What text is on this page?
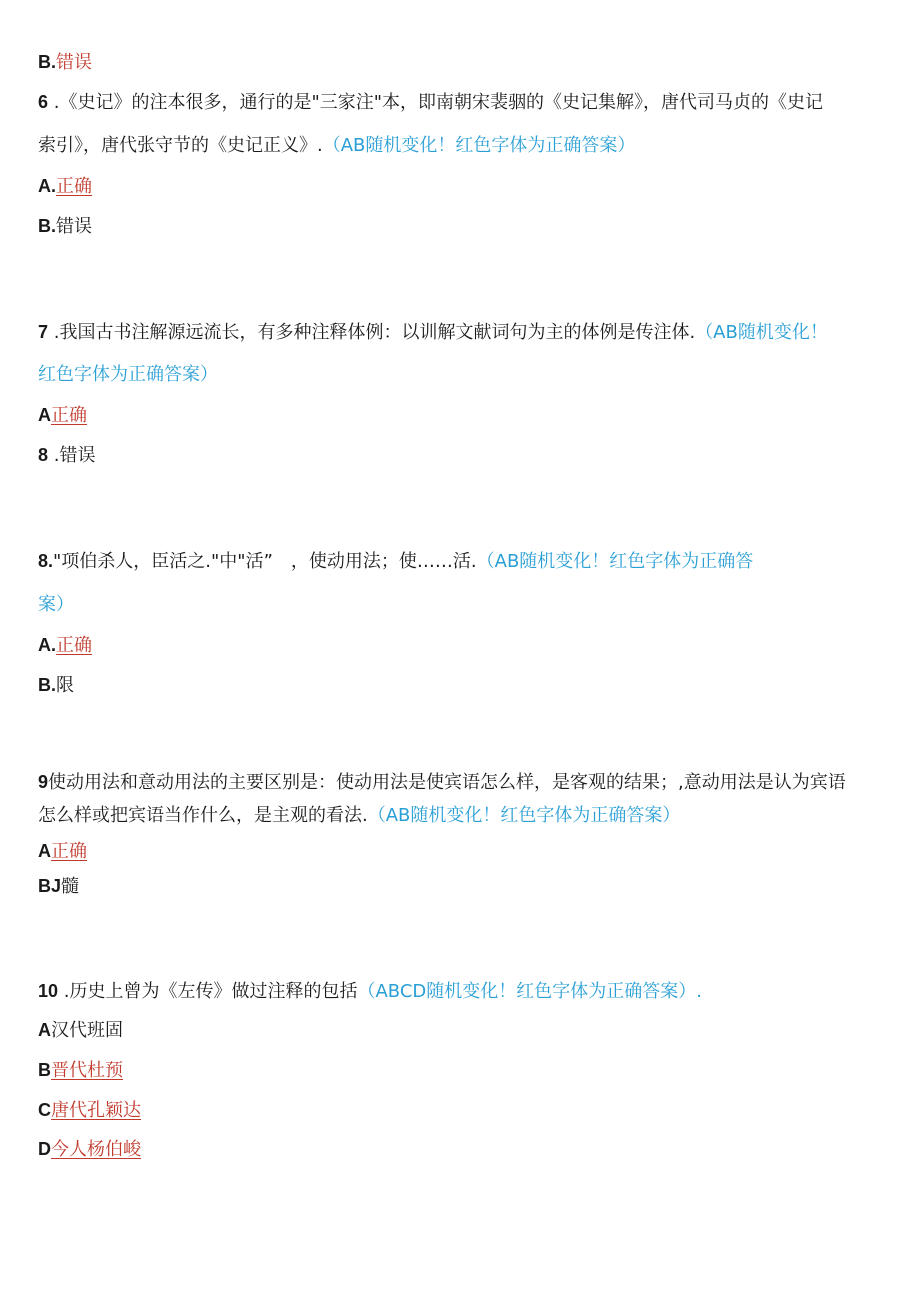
B.错误
6 .《史记》的注本很多，通行的是"三家注"本，即南朝宋裴骃的《史记集解》，唐代司马贞的《史记
索引》，唐代张守节的《史记正义》.（AB随机变化！红色字体为正确答案）
A.正确
B.错误
7 .我国古书注解源远流长，有多种注释体例：以训解文献词句为主的体例是传注体.（AB随机变化！
红色字体为正确答案）
A正确
8 .错误
8."项伯杀人，臣活之."中"活”　，使动用法；使……活.（AB随机变化！红色字体为正确答
案）
A.正确
B.限
9使动用法和意动用法的主要区别是：使动用法是使宾语怎么样，是客观的结果；,意动用法是认为宾语
怎么样或把宾语当作什么，是主观的看法.（AB随机变化！红色字体为正确答案）
A正确
BJ髓
10 .历史上曾为《左传》做过注释的包括（ABCD随机变化！红色字体为正确答案）.
A汉代班固
B晋代杜预
C唐代孔颖达
D今人杨伯峻
